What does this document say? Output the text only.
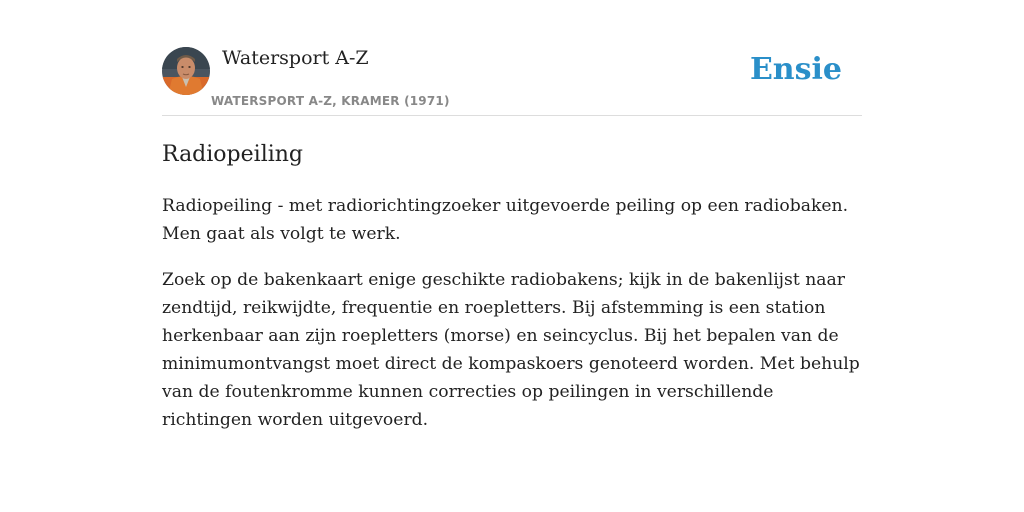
Watersport A-Z
WATERSPORT A-Z, KRAMER (1971)
Ensie
Radiopeiling

Radiopeiling - met radiorichtingzoeker uitgevoerde peiling op een radiobaken. Men gaat als volgt te werk.

Zoek op de bakenkaart enige geschikte radiobakens; kijk in de bakenlijst naar zendtijd, reikwijdte, frequentie en roepletters. Bij afstemming is een station herkenbaar aan zijn roepletters (morse) en seincyclus. Bij het bepalen van de minimumontvangst moet direct de kompaskoers genoteerd worden. Met behulp van de foutenkromme kunnen correcties op peilingen in verschillende richtingen worden uitgevoerd.
